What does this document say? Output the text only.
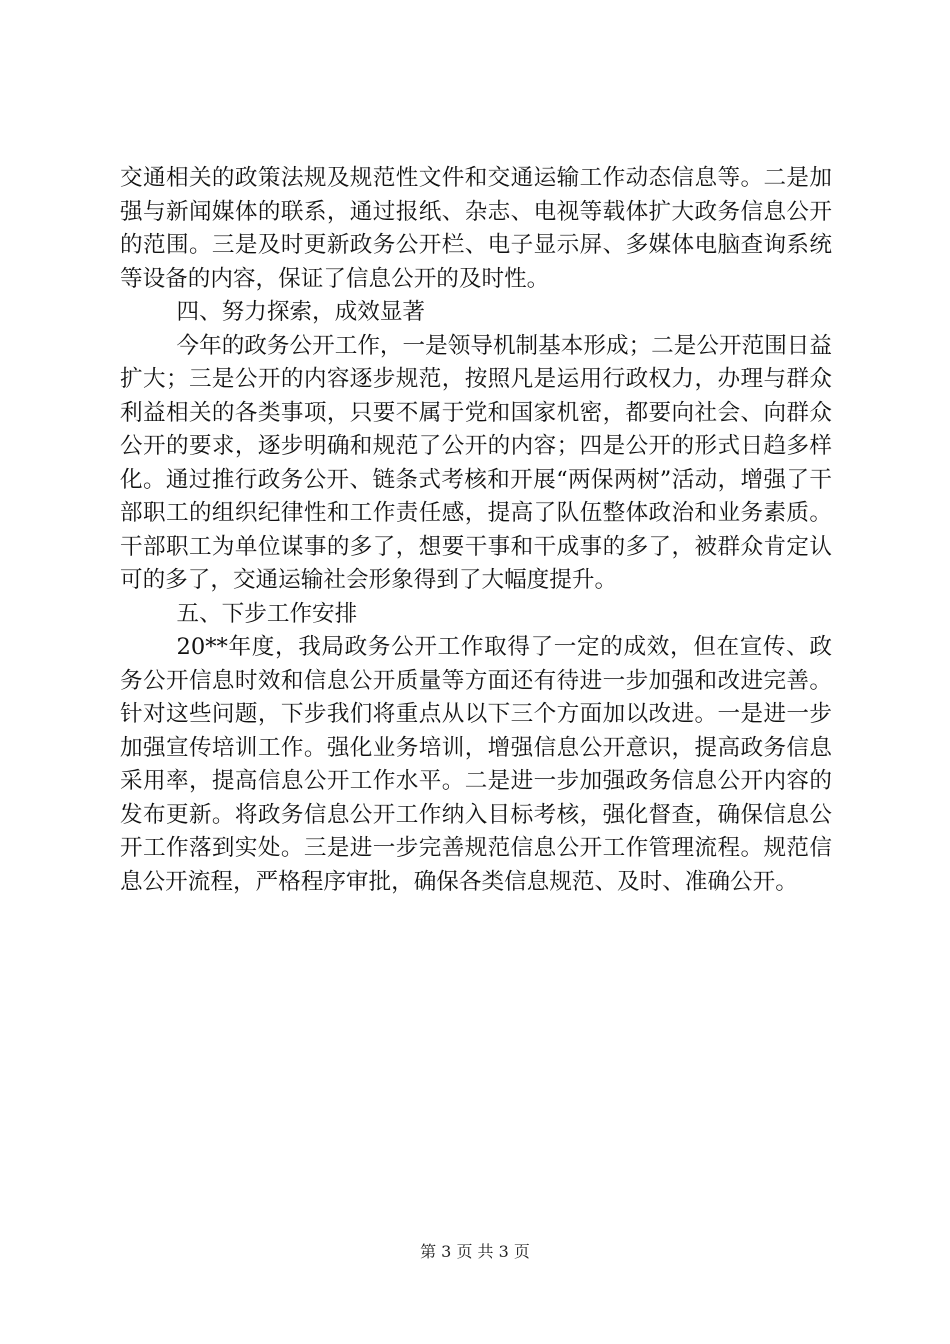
交通相关的政策法规及规范性文件和交通运输工作动态信息等。二是加强与新闻媒体的联系，通过报纸、杂志、电视等载体扩大政务信息公开的范围。三是及时更新政务公开栏、电子显示屏、多媒体电脑查询系统等设备的内容，保证了信息公开的及时性。

四、努力探索，成效显著

今年的政务公开工作，一是领导机制基本形成；二是公开范围日益扩大；三是公开的内容逐步规范，按照凡是运用行政权力，办理与群众利益相关的各类事项，只要不属于党和国家机密，都要向社会、向群众公开的要求，逐步明确和规范了公开的内容；四是公开的形式日趋多样化。通过推行政务公开、链条式考核和开展“两保两树”活动，增强了干部职工的组织纪律性和工作责任感，提高了队伍整体政治和业务素质。干部职工为单位谋事的多了，想要干事和干成事的多了，被群众肯定认可的多了，交通运输社会形象得到了大幅度提升。

五、下步工作安排

20**年度，我局政务公开工作取得了一定的成效，但在宣传、政务公开信息时效和信息公开质量等方面还有待进一步加强和改进完善。针对这些问题，下步我们将重点从以下三个方面加以改进。一是进一步加强宣传培训工作。强化业务培训，增强信息公开意识，提高政务信息采用率，提高信息公开工作水平。二是进一步加强政务信息公开内容的发布更新。将政务信息公开工作纳入目标考核，强化督查，确保信息公开工作落到实处。三是进一步完善规范信息公开工作管理流程。规范信息公开流程，严格程序审批，确保各类信息规范、及时、准确公开。

第 3 页 共 3 页
